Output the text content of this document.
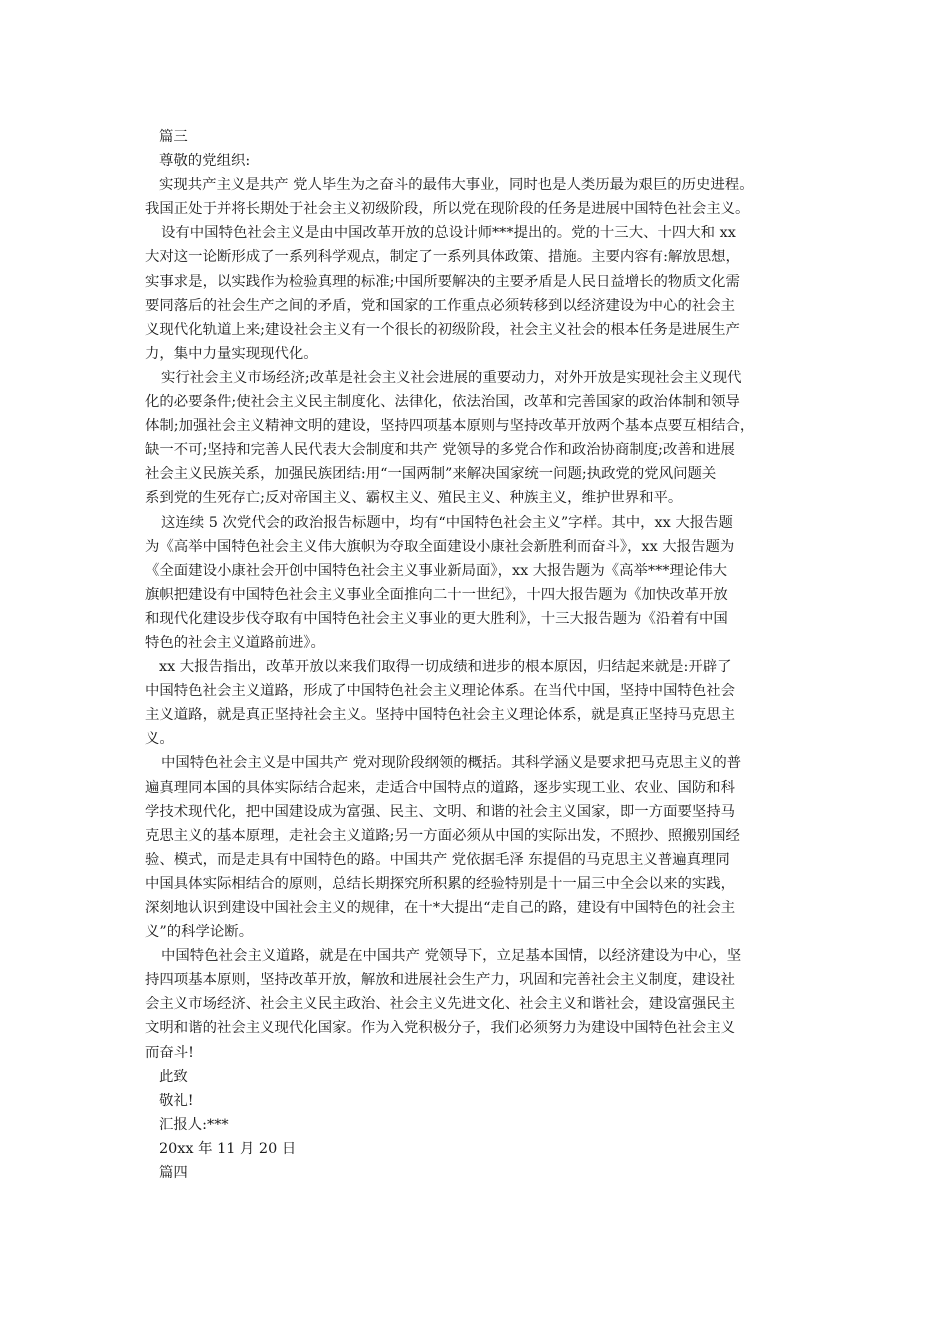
篇三
尊敬的党组织:
实现共产主义是共产 党人毕生为之奋斗的最伟大事业，同时也是人类历最为艰巨的历史进程。
我国正处于并将长期处于社会主义初级阶段，所以党在现阶段的任务是进展中国特色社会主义。
设有中国特色社会主义是由中国改革开放的总设计师***提出的。党的十三大、十四大和 xx
大对这一论断形成了一系列科学观点，制定了一系列具体政策、措施。主要内容有:解放思想，
实事求是，以实践作为检验真理的标准;中国所要解决的主要矛盾是人民日益增长的物质文化需
要同落后的社会生产之间的矛盾，党和国家的工作重点必须转移到以经济建设为中心的社会主
义现代化轨道上来;建设社会主义有一个很长的初级阶段，社会主义社会的根本任务是进展生产
力，集中力量实现现代化。
实行社会主义市场经济;改革是社会主义社会进展的重要动力，对外开放是实现社会主义现代
化的必要条件;使社会主义民主制度化、法律化，依法治国，改革和完善国家的政治体制和领导
体制;加强社会主义精神文明的建设，坚持四项基本原则与坚持改革开放两个基本点要互相结合，
缺一不可;坚持和完善人民代表大会制度和共产 党领导的多党合作和政治协商制度;改善和进展
社会主义民族关系，加强民族团结:用“一国两制”来解决国家统一问题;执政党的党风问题关
系到党的生死存亡;反对帝国主义、霸权主义、殖民主义、种族主义，维护世界和平。
这连续 5 次党代会的政治报告标题中，均有“中国特色社会主义”字样。其中，xx 大报告题
为《高举中国特色社会主义伟大旗帜为夺取全面建设小康社会新胜利而奋斗》，xx 大报告题为
《全面建设小康社会开创中国特色社会主义事业新局面》，xx 大报告题为《高举***理论伟大
旗帜把建设有中国特色社会主义事业全面推向二十一世纪》，十四大报告题为《加快改革开放
和现代化建设步伐夺取有中国特色社会主义事业的更大胜利》，十三大报告题为《沿着有中国
特色的社会主义道路前进》。
xx 大报告指出，改革开放以来我们取得一切成绩和进步的根本原因，归结起来就是:开辟了
中国特色社会主义道路，形成了中国特色社会主义理论体系。在当代中国，坚持中国特色社会
主义道路，就是真正坚持社会主义。坚持中国特色社会主义理论体系，就是真正坚持马克思主
义。
中国特色社会主义是中国共产 党对现阶段纲领的概括。其科学涵义是要求把马克思主义的普
遍真理同本国的具体实际结合起来，走适合中国特点的道路，逐步实现工业、农业、国防和科
学技术现代化，把中国建设成为富强、民主、文明、和谐的社会主义国家，即一方面要坚持马
克思主义的基本原理，走社会主义道路;另一方面必须从中国的实际出发，不照抄、照搬别国经
验、模式，而是走具有中国特色的路。中国共产 党依据毛泽 东提倡的马克思主义普遍真理同
中国具体实际相结合的原则，总结长期探究所积累的经验特别是十一届三中全会以来的实践，
深刻地认识到建设中国社会主义的规律，在十*大提出“走自己的路，建设有中国特色的社会主
义”的科学论断。
中国特色社会主义道路，就是在中国共产 党领导下，立足基本国情，以经济建设为中心，坚
持四项基本原则，坚持改革开放，解放和进展社会生产力，巩固和完善社会主义制度，建设社
会主义市场经济、社会主义民主政治、社会主义先进文化、社会主义和谐社会，建设富强民主
文明和谐的社会主义现代化国家。作为入党积极分子，我们必须努力为建设中国特色社会主义
而奋斗!
此致
敬礼!
汇报人:***
20xx 年 11 月 20 日
篇四
